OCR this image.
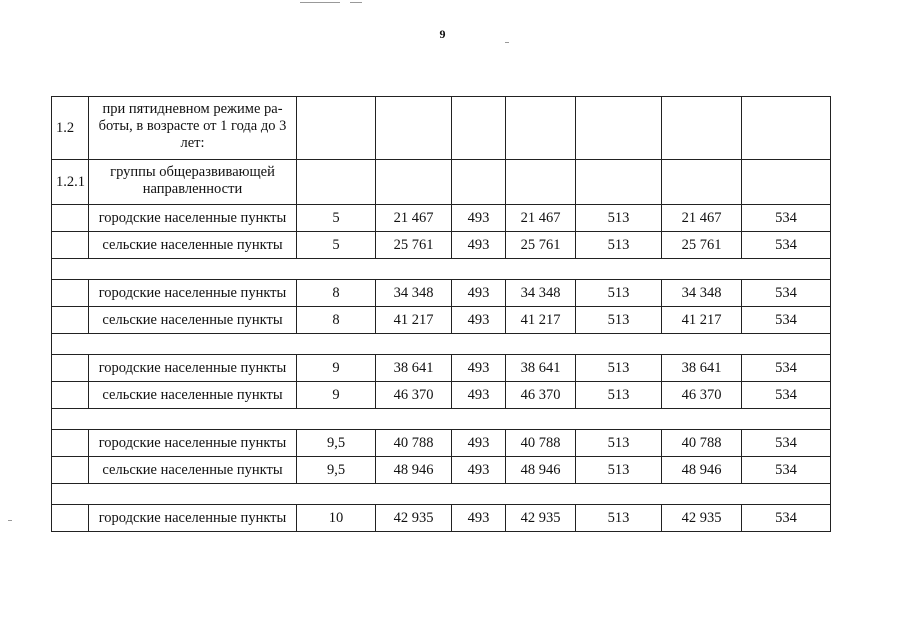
9
1.2	при пятидневном режиме ра-боты, в возрасте от 1 года до 3 лет:							
1.2.1	группы общеразвивающей направленности							
	городские населенные пункты	5	21 467	493	21 467	513	21 467	534
	сельские населенные пункты	5	25 761	493	25 761	513	25 761	534

	городские населенные пункты	8	34 348	493	34 348	513	34 348	534
	сельские населенные пункты	8	41 217	493	41 217	513	41 217	534

	городские населенные пункты	9	38 641	493	38 641	513	38 641	534
	сельские населенные пункты	9	46 370	493	46 370	513	46 370	534

	городские населенные пункты	9,5	40 788	493	40 788	513	40 788	534
	сельские населенные пункты	9,5	48 946	493	48 946	513	48 946	534

	городские населенные пункты	10	42 935	493	42 935	513	42 935	534
